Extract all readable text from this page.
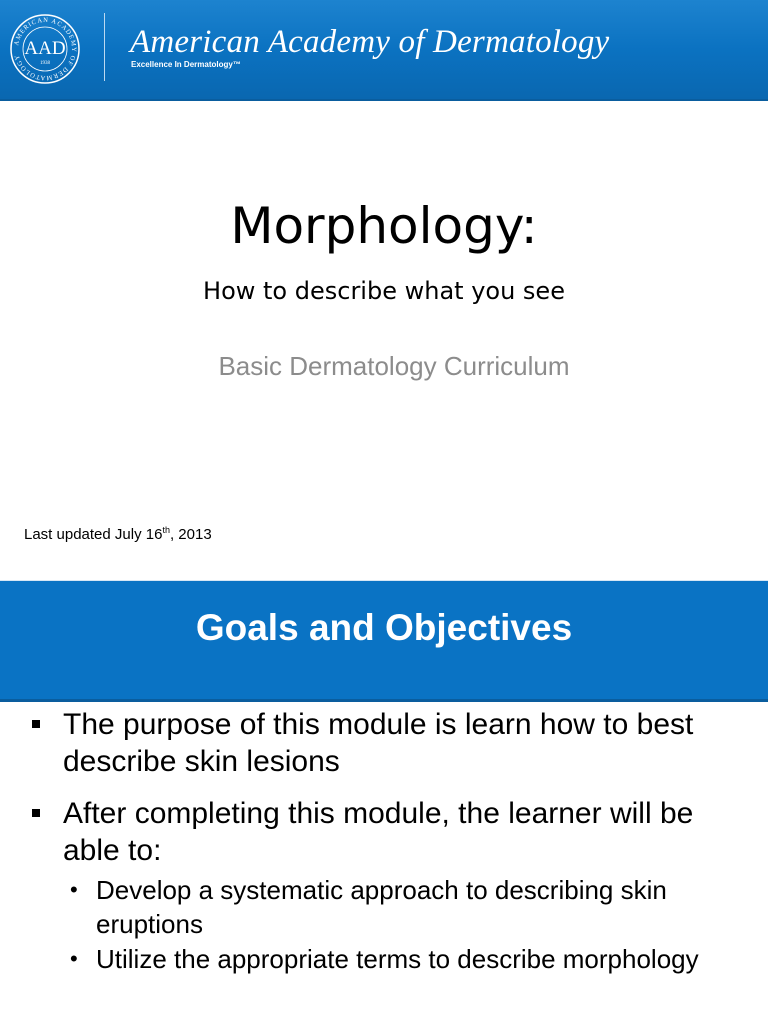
AMERICAN ACADEMY OF DERMATOLOGY AAD
1938
American Academy of Dermatology
Excellence In Dermatology™
Morphology:
How to describe what you see
Basic Dermatology Curriculum
Last updated July 16th, 2013
Goals and Objectives
The purpose of this module is learn how to best describe skin lesions
After completing this module, the learner will be able to:
• Develop a systematic approach to describing skin eruptions
• Utilize the appropriate terms to describe morphology
